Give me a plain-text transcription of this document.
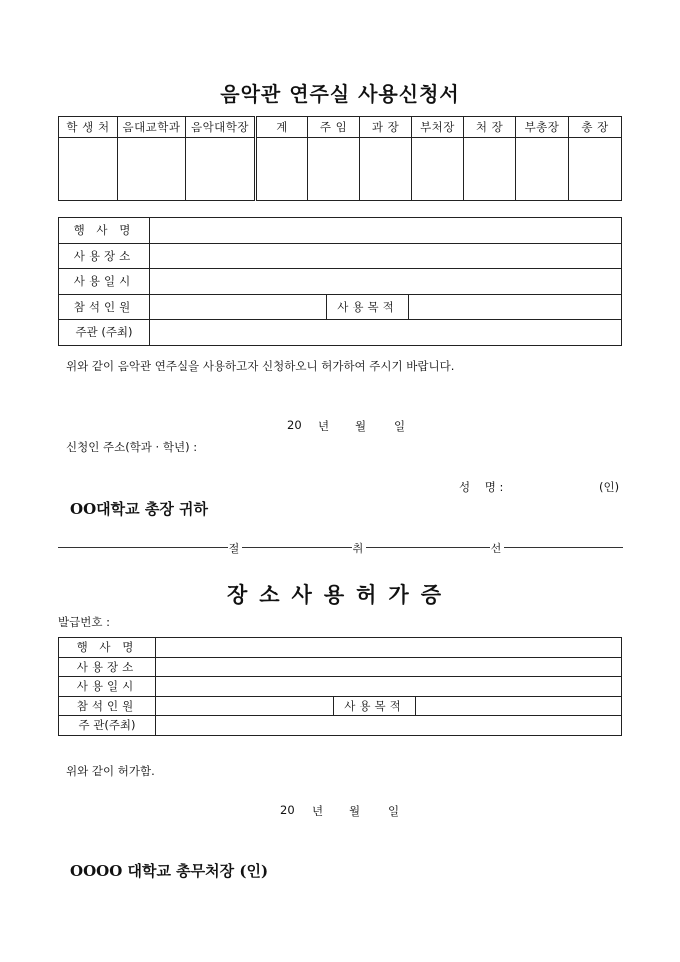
음악관 연주실 사용신청서
학 생 처	음대교학과	음악대학장	계	주 임	과 장	부처장	처 장	부총장	총 장

행 사 명			
사용장소			
사용일시			
참석인원		사용목적	
주관 (주최)			
위와 같이 음악관 연주실을 사용하고자 신청하오니 허가하여 주시기 바랍니다.
20 년 월 일
신청인 주소(학과 · 학년) :
성    명 :	(인)
OO대학교 총장 귀하
절	취	선
장소사용허가증
발급번호 :
행 사 명			
사용장소			
사용일시			
참석인원		사용목적	
주 관(주최)			
위와 같이 허가함.
20 년 월 일
OOOO 대학교 총무처장 (인)
